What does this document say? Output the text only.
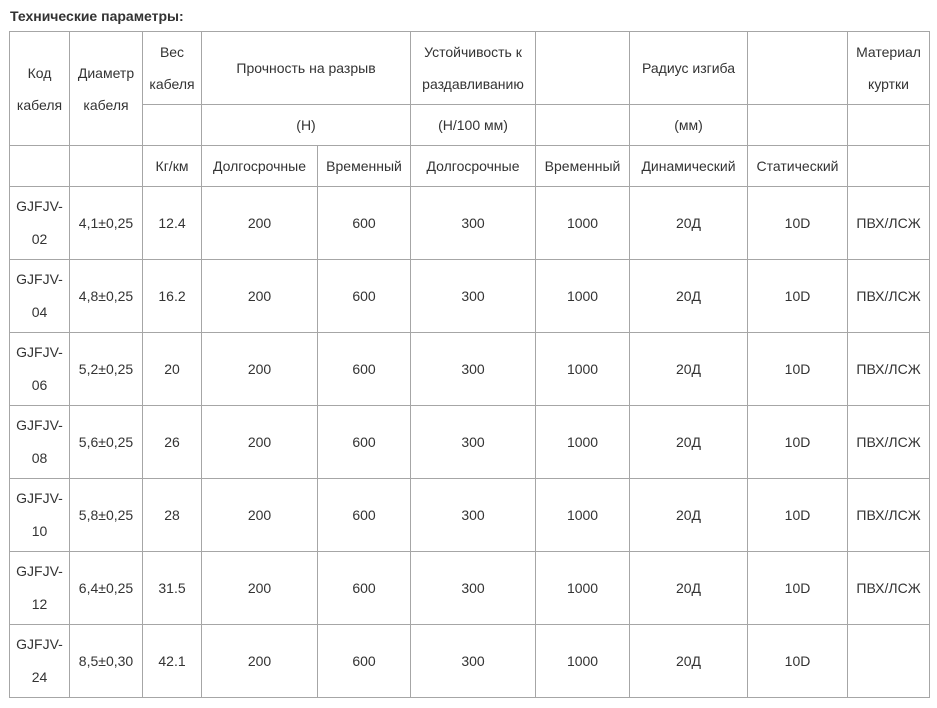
Технические параметры:
Код кабеля	Диаметр кабеля	Вес кабеля	Прочность на разрыв		Устойчивость к раздавливанию		Радиус изгиба		Материал куртки
			(Н)		(Н/100 мм)		(мм)		
		Кг/км	Долгосрочные	Временный	Долгосрочные	Временный	Динамический	Статический	
GJFJV-02	4,1±0,25	12.4	200	600	300	1000	20Д	10D	ПВХ/ЛСЖ
GJFJV-04	4,8±0,25	16.2	200	600	300	1000	20Д	10D	ПВХ/ЛСЖ
GJFJV-06	5,2±0,25	20	200	600	300	1000	20Д	10D	ПВХ/ЛСЖ
GJFJV-08	5,6±0,25	26	200	600	300	1000	20Д	10D	ПВХ/ЛСЖ
GJFJV-10	5,8±0,25	28	200	600	300	1000	20Д	10D	ПВХ/ЛСЖ
GJFJV-12	6,4±0,25	31.5	200	600	300	1000	20Д	10D	ПВХ/ЛСЖ
GJFJV-24	8,5±0,30	42.1	200	600	300	1000	20Д	10D	
